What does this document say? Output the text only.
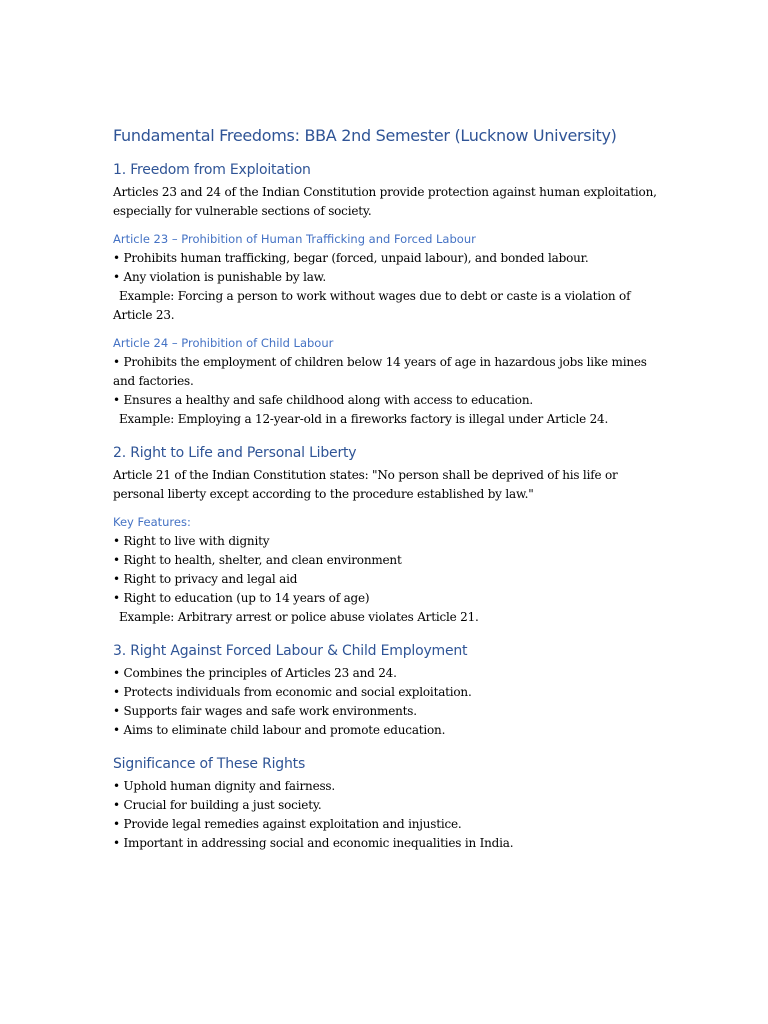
Fundamental Freedoms: BBA 2nd Semester (Lucknow University)
1. Freedom from Exploitation
Articles 23 and 24 of the Indian Constitution provide protection against human exploitation,
especially for vulnerable sections of society.
Article 23 – Prohibition of Human Trafficking and Forced Labour
• Prohibits human trafficking, begar (forced, unpaid labour), and bonded labour.
• Any violation is punishable by law.
Example: Forcing a person to work without wages due to debt or caste is a violation of
Article 23.
Article 24 – Prohibition of Child Labour
• Prohibits the employment of children below 14 years of age in hazardous jobs like mines
and factories.
• Ensures a healthy and safe childhood along with access to education.
Example: Employing a 12-year-old in a fireworks factory is illegal under Article 24.
2. Right to Life and Personal Liberty
Article 21 of the Indian Constitution states: "No person shall be deprived of his life or
personal liberty except according to the procedure established by law."
Key Features:
• Right to live with dignity
• Right to health, shelter, and clean environment
• Right to privacy and legal aid
• Right to education (up to 14 years of age)
Example: Arbitrary arrest or police abuse violates Article 21.
3. Right Against Forced Labour & Child Employment
• Combines the principles of Articles 23 and 24.
• Protects individuals from economic and social exploitation.
• Supports fair wages and safe work environments.
• Aims to eliminate child labour and promote education.
Significance of These Rights
• Uphold human dignity and fairness.
• Crucial for building a just society.
• Provide legal remedies against exploitation and injustice.
• Important in addressing social and economic inequalities in India.
